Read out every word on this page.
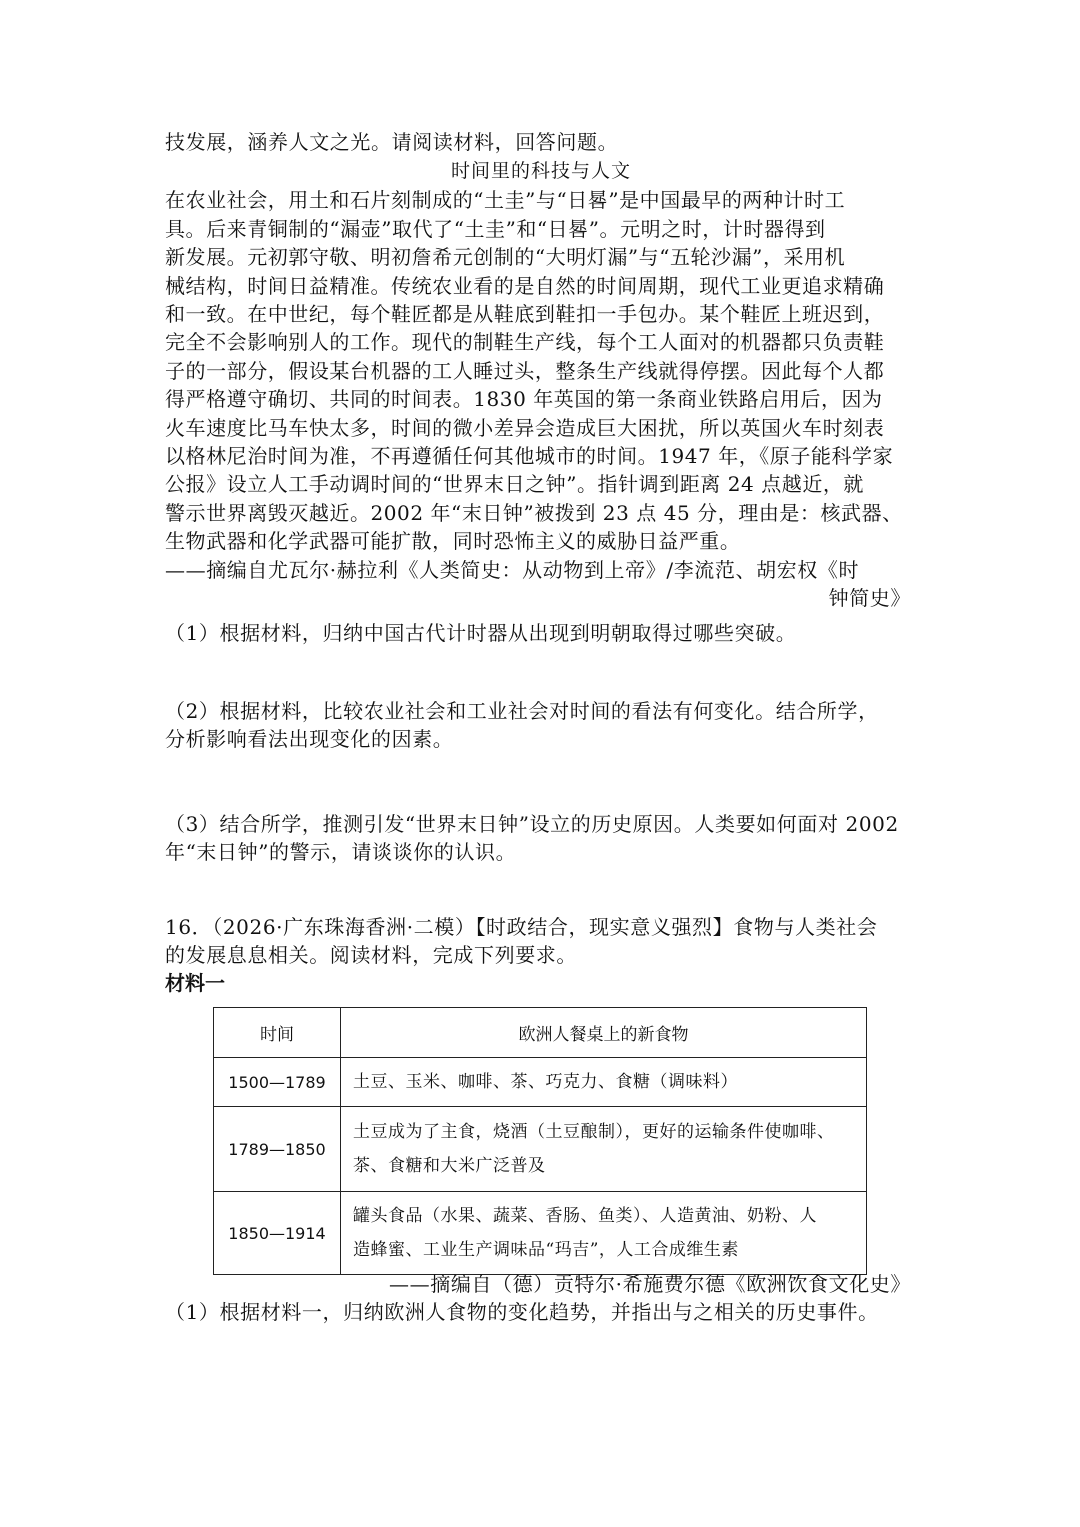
技发展，涵养人文之光。请阅读材料，回答问题。
时间里的科技与人文
在农业社会，用土和石片刻制成的“土圭”与“日晷”是中国最早的两种计时工
具。后来青铜制的“漏壶”取代了“土圭”和“日晷”。元明之时，计时器得到
新发展。元初郭守敬、明初詹希元创制的“大明灯漏”与“五轮沙漏”，采用机
械结构，时间日益精准。传统农业看的是自然的时间周期，现代工业更追求精确
和一致。在中世纪，每个鞋匠都是从鞋底到鞋扣一手包办。某个鞋匠上班迟到，
完全不会影响别人的工作。现代的制鞋生产线，每个工人面对的机器都只负责鞋
子的一部分，假设某台机器的工人睡过头，整条生产线就得停摆。因此每个人都
得严格遵守确切、共同的时间表。1830 年英国的第一条商业铁路启用后，因为
火车速度比马车快太多，时间的微小差异会造成巨大困扰，所以英国火车时刻表
以格林尼治时间为准，不再遵循任何其他城市的时间。1947 年，《原子能科学家
公报》设立人工手动调时间的“世界末日之钟”。指针调到距离 24 点越近，就
警示世界离毁灭越近。2002 年“末日钟”被拨到 23 点 45 分，理由是：核武器、
生物武器和化学武器可能扩散，同时恐怖主义的威胁日益严重。
——摘编自尤瓦尔·赫拉利《人类简史：从动物到上帝》/李流范、胡宏权《时
钟简史》
（1）根据材料，归纳中国古代计时器从出现到明朝取得过哪些突破。
（2）根据材料，比较农业社会和工业社会对时间的看法有何变化。结合所学，
分析影响看法出现变化的因素。
（3）结合所学，推测引发“世界末日钟”设立的历史原因。人类要如何面对 2002
年“末日钟”的警示，请谈谈你的认识。
16．（2026·广东珠海香洲·二模）【时政结合，现实意义强烈】食物与人类社会
的发展息息相关。阅读材料，完成下列要求。
材料一
时间	欧洲人餐桌上的新食物
1500—1789	土豆、玉米、咖啡、茶、巧克力、食糖（调味料）

1789—1850	土豆成为了主食，烧酒（土豆酿制），更好的运输条件使咖啡、
茶、食糖和大米广泛普及

1850—1914	罐头食品（水果、蔬菜、香肠、鱼类）、人造黄油、奶粉、人
造蜂蜜、工业生产调味品“玛吉”，人工合成维生素
——摘编自（德）贡特尔·希施费尔德《欧洲饮食文化史》
（1）根据材料一，归纳欧洲人食物的变化趋势，并指出与之相关的历史事件。
